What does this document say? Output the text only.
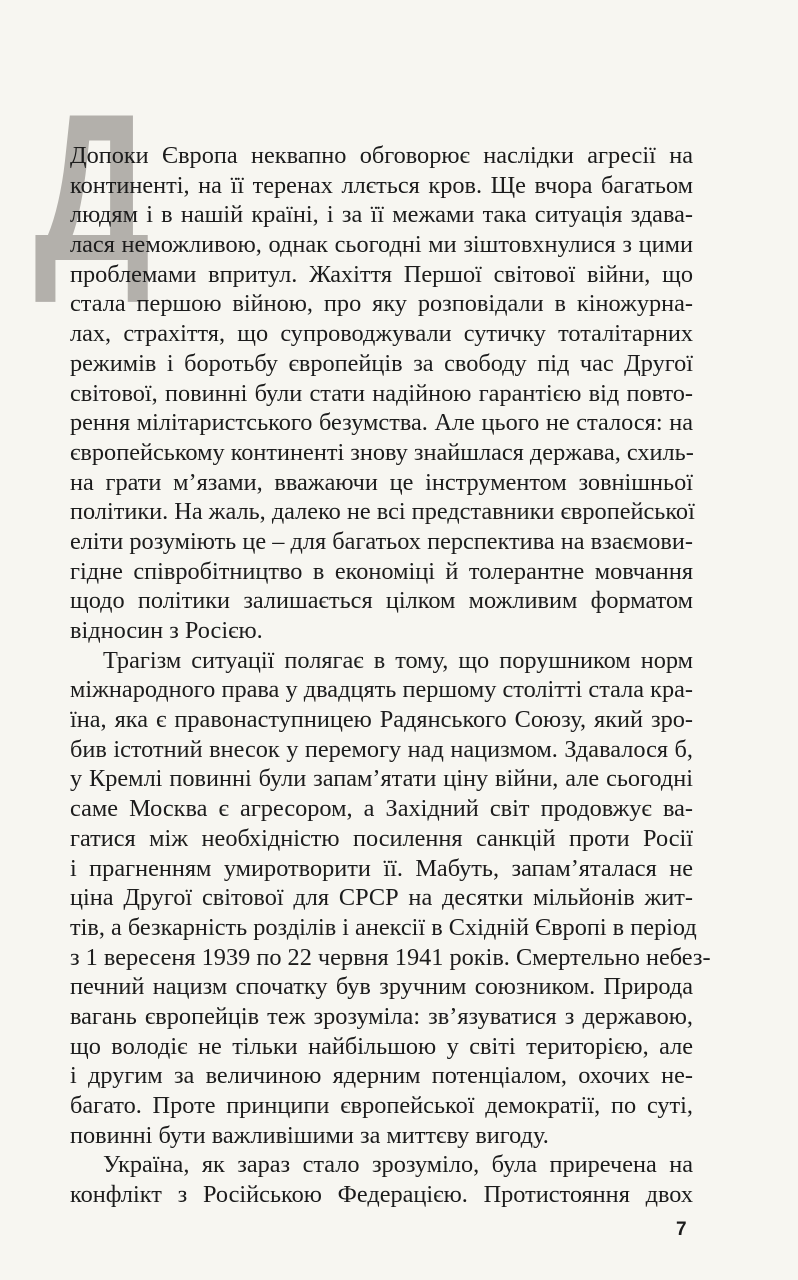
Д
Допоки Європа неквапно обговорює наслідки агресії на
континенті, на її теренах ллється кров. Ще вчора багатьом
людям і в нашій країні, і за її межами така ситуація здава-
лася неможливою, однак сьогодні ми зіштовхнулися з цими
проблемами впритул. Жахіття Першої світової війни, що
стала першою війною, про яку розповідали в кіножурна-
лах, страхіття, що супроводжували сутичку тоталітарних
режимів і боротьбу європейців за свободу під час Другої
світової, повинні були стати надійною гарантією від повто-
рення мілітаристського безумства. Але цього не сталося: на
європейському континенті знову знайшлася держава, схиль-
на грати м’язами, вважаючи це інструментом зовнішньої
політики. На жаль, далеко не всі представники європейської
еліти розуміють це – для багатьох перспектива на взаємови-
гідне співробітництво в економіці й толерантне мовчання
щодо політики залишається цілком можливим форматом
відносин з Росією.
Трагізм ситуації полягає в тому, що порушником норм
міжнародного права у двадцять першому столітті стала кра-
їна, яка є правонаступницею Радянського Союзу, який зро-
бив істотний внесок у перемогу над нацизмом. Здавалося б,
у Кремлі повинні були запам’ятати ціну війни, але сьогодні
саме Москва є агресором, а Західний світ продовжує ва-
гатися між необхідністю посилення санкцій проти Росії
і прагненням умиротворити її. Мабуть, запам’яталася не
ціна Другої світової для СРСР на десятки мільйонів жит-
тів, а безкарність розділів і анексії в Східній Європі в період
з 1 вересеня 1939 по 22 червня 1941 років. Смертельно небез-
печний нацизм спочатку був зручним союзником. Природа
вагань європейців теж зрозуміла: зв’язуватися з державою,
що володіє не тільки найбільшою у світі територією, але
і другим за величиною ядерним потенціалом, охочих не-
багато. Проте принципи європейської демократії, по суті,
повинні бути важливішими за миттєву вигоду.
Україна, як зараз стало зрозуміло, була приречена на
конфлікт з Російською Федерацією. Протистояння двох
7
